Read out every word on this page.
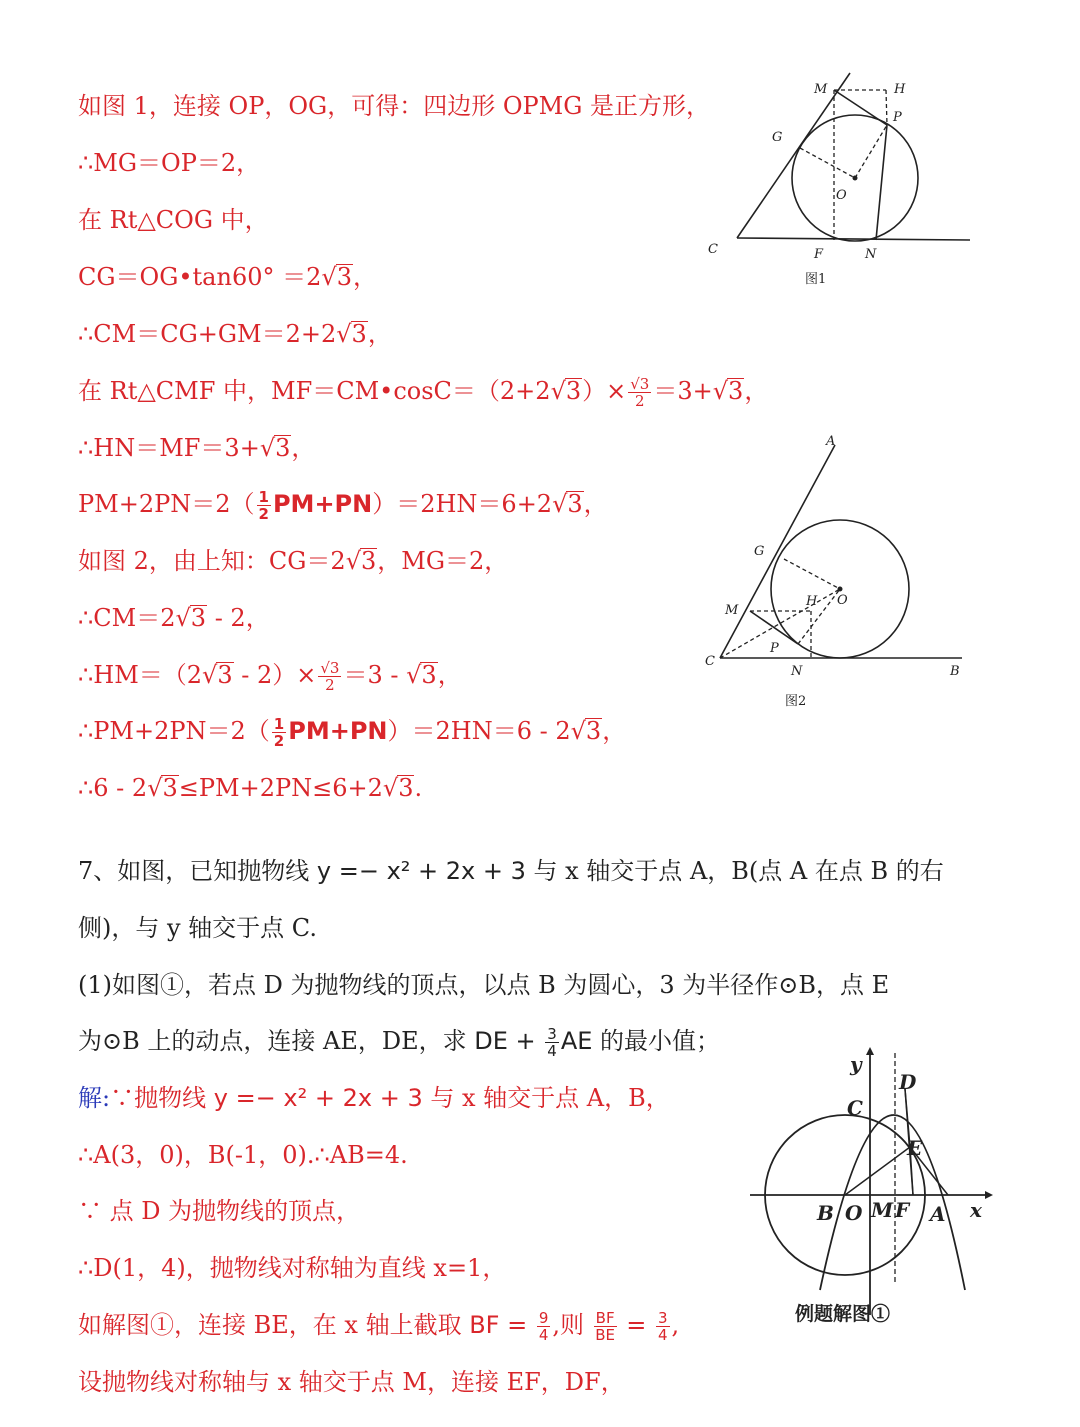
如图 1，连接 OP，OG，可得：四边形 OPMG 是正方形，
∴MG＝OP＝2，
在 Rt△COG 中，
CG＝OG•tan60° ＝2√3，
∴CM＝CG+GM＝2+2√3，
在 Rt△CMF 中，MF＝CM•cosC＝（2+2√3）× $\frac{√3}{2} =3+√3$，
∴HN＝MF＝3+√3，
$PM+2PN=2( \frac{1}{2} PM+PN)=2HN=6+2√3$，
如图 2，由上知：CG＝2√3，MG＝2，
∴CM＝2√3 - 2，
∴HM＝（2√3 - $2)\times \frac{√3}{2} =3 - √3$，
∴PM+2PN＝2（ $\frac{1}{2} PM+PN)=2HN=6 - 2√3$，
∴6 - 2√3≤PM+2PN≤6+2√3.
7、如图，已知抛物线 y =− x² + 2x + 3 与 x 轴交于点 A，B(点 A 在点 B 的右
侧)，与 y 轴交于点 C.
(1)如图①，若点 D 为抛物线的顶点，以点 B 为圆心，3 为半径作⊙B，点 E
为⊙B 上的动点，连接 AE，DE，求 DE + $\frac{3}{4}$ AE 的最小值；
解:∵抛物线 y =− x² + 2x + 3 与 x 轴交于点 A，B，
∴A(3，0)，B(-1，0).∴AB=4.
∵ 点 D 为抛物线的顶点，
∴D(1，4)，抛物线对称轴为直线 x=1，
如解图①，连接 BE，在 x 轴上截取 BF = $\frac{9}{4}$ ,则 $\frac{BF}{BE} = \frac{3}{4}$ ,
设抛物线对称轴与 x 轴交于点 M，连接 EF，DF，
M	H
P
G
O
C	F	N
图1
A
G
O
H
M
P
C
N	B
图2
y
D
C
E
B O M F A x
例题解图①
